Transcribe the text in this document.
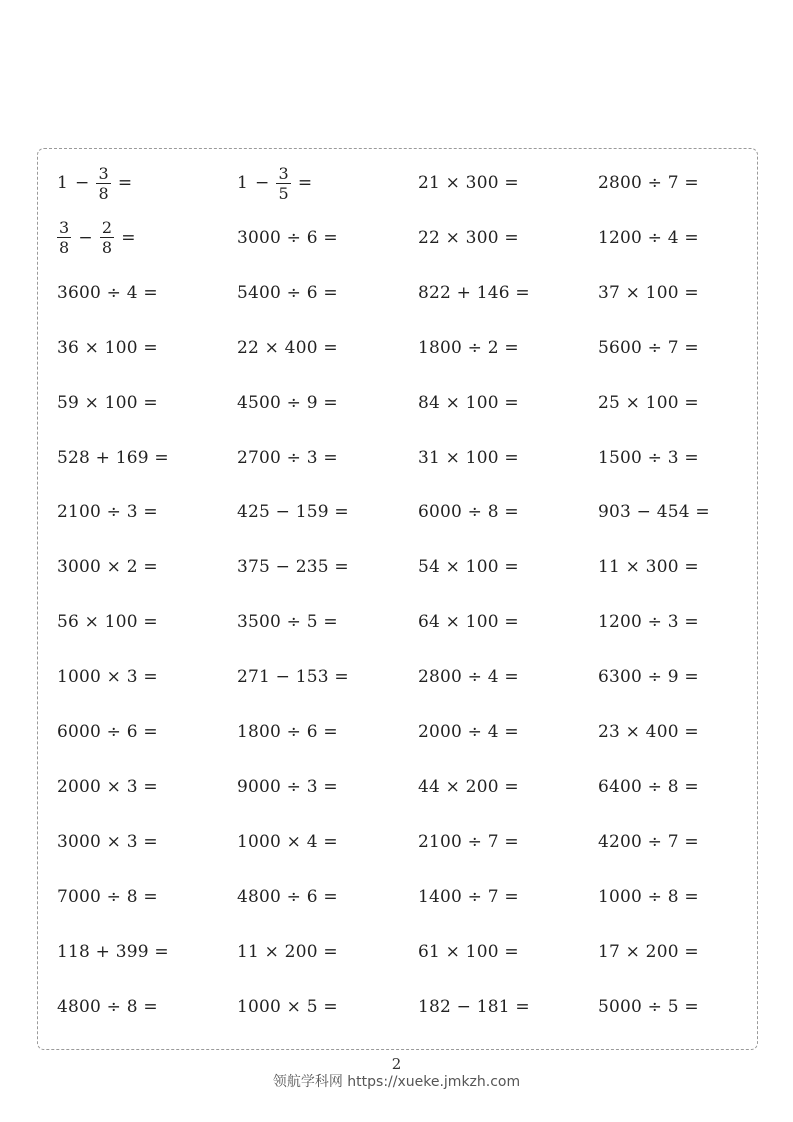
$1 - \frac{3}{8}$ =	$1 - \frac{3}{5}$ =	21 × 300 =	2800 ÷ 7 =
$\frac{3}{8} - \frac{2}{8}$ =	3000 ÷ 6 =	22 × 300 =	1200 ÷ 4 =
3600 ÷ 4 =	5400 ÷ 6 =	822 + 146 =	37 × 100 =
36 × 100 =	22 × 400 =	1800 ÷ 2 =	5600 ÷ 7 =
59 × 100 =	4500 ÷ 9 =	84 × 100 =	25 × 100 =
528 + 169 =	2700 ÷ 3 =	31 × 100 =	1500 ÷ 3 =
2100 ÷ 3 =	425 − 159 =	6000 ÷ 8 =	903 − 454 =
3000 × 2 =	375 − 235 =	54 × 100 =	11 × 300 =
56 × 100 =	3500 ÷ 5 =	64 × 100 =	1200 ÷ 3 =
1000 × 3 =	271 − 153 =	2800 ÷ 4 =	6300 ÷ 9 =
6000 ÷ 6 =	1800 ÷ 6 =	2000 ÷ 4 =	23 × 400 =
2000 × 3 =	9000 ÷ 3 =	44 × 200 =	6400 ÷ 8 =
3000 × 3 =	1000 × 4 =	2100 ÷ 7 =	4200 ÷ 7 =
7000 ÷ 8 =	4800 ÷ 6 =	1400 ÷ 7 =	1000 ÷ 8 =
118 + 399 =	11 × 200 =	61 × 100 =	17 × 200 =
4800 ÷ 8 =	1000 × 5 =	182 − 181 =	5000 ÷ 5 =
2
领航学科网 https://xueke.jmkzh.com
